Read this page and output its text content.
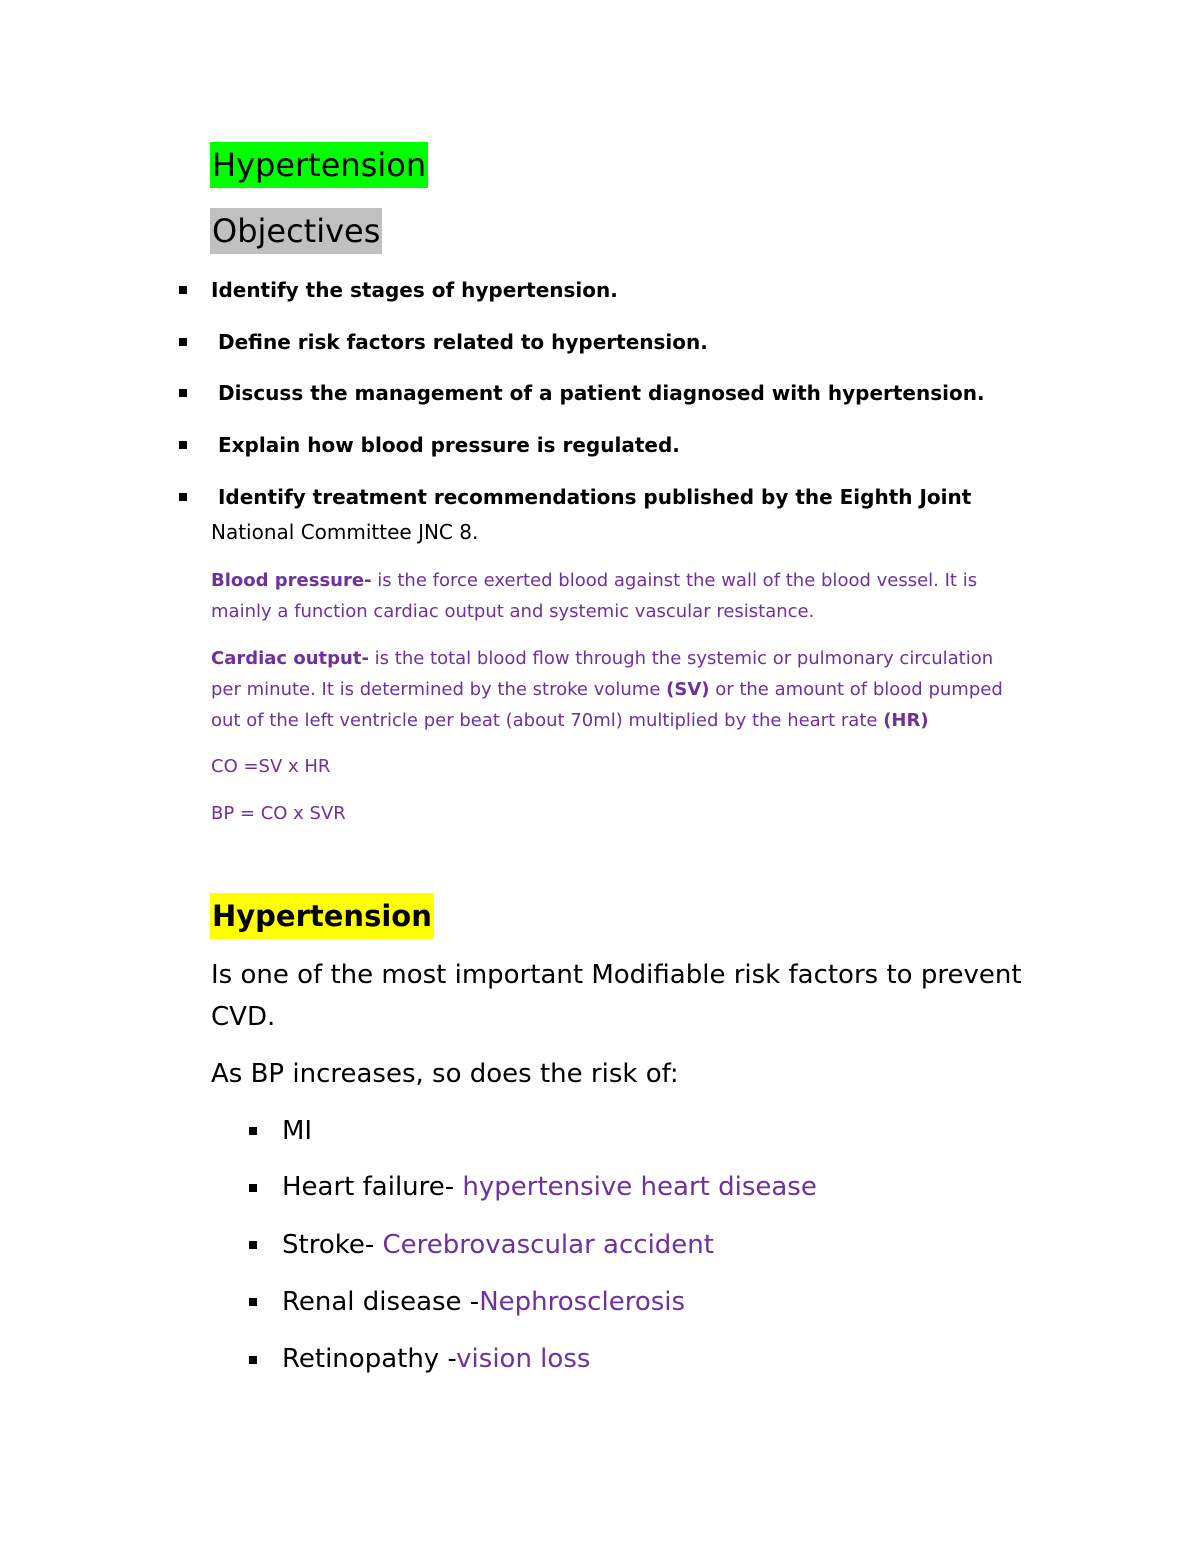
Hypertension
Objectives
Identify the stages of hypertension.
Define risk factors related to hypertension.
Discuss the management of a patient diagnosed with hypertension.
Explain how blood pressure is regulated.
Identify treatment recommendations published by the Eighth Joint
National Committee JNC 8.
Blood pressure- is the force exerted blood against the wall of the blood vessel. It is
mainly a function cardiac output and systemic vascular resistance.
Cardiac output- is the total blood flow through the systemic or pulmonary circulation
per minute. It is determined by the stroke volume (SV) or the amount of blood pumped
out of the left ventricle per beat (about 70ml) multiplied by the heart rate (HR)
CO =SV x HR
BP = CO x SVR
Hypertension
Is one of the most important Modifiable risk factors to prevent
CVD.
As BP increases, so does the risk of:
MI
Heart failure- hypertensive heart disease
Stroke- Cerebrovascular accident
Renal disease -Nephrosclerosis
Retinopathy -vision loss
